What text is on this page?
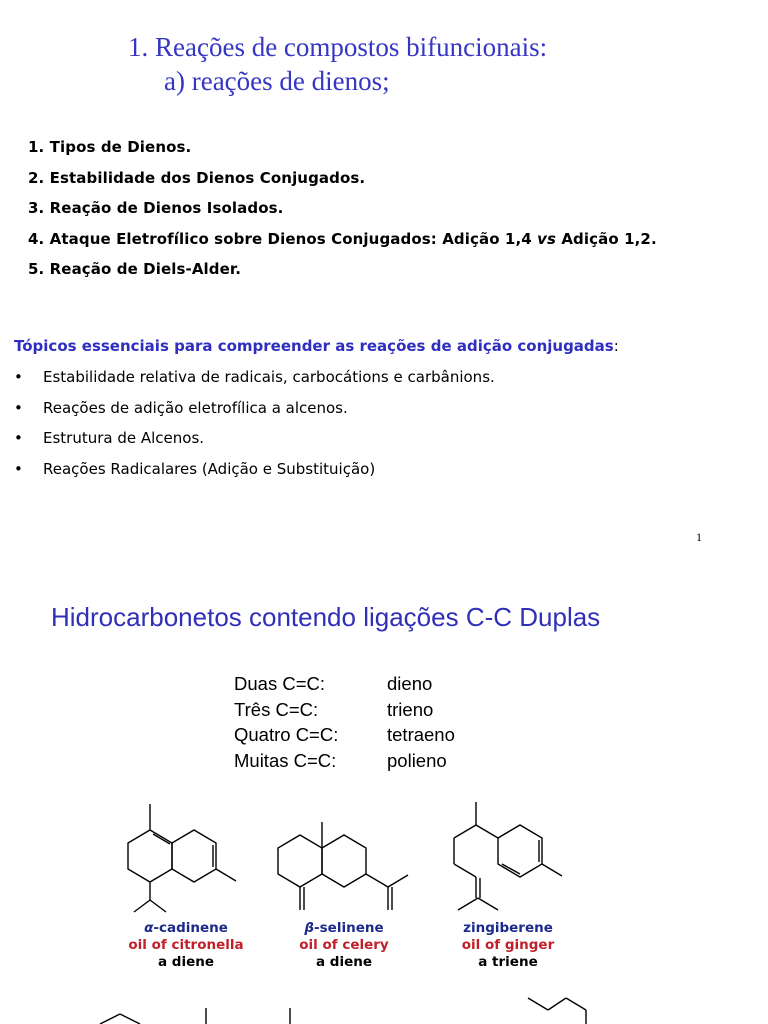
1. Reações de compostos bifuncionais:
a) reações de dienos;
1. Tipos de Dienos.
2. Estabilidade dos Dienos Conjugados.
3. Reação de Dienos Isolados.
4. Ataque Eletrofílico sobre Dienos Conjugados: Adição 1,4 vs Adição 1,2.
5. Reação de Diels-Alder.
Tópicos essenciais para compreender as reações de adição conjugadas:
• Estabilidade relativa de radicais, carbocátions e carbânions.
• Reações de adição eletrofílica a alcenos.
• Estrutura de Alcenos.
• Reações Radicalares (Adição e Substituição)
1
Hidrocarbonetos contendo ligações C-C Duplas
Duas C=C:	dieno
Três C=C:	trieno
Quatro C=C:	tetraeno
Muitas C=C:	polieno
α-cadinene
oil of citronella
a diene
β-selinene
oil of celery
a diene
zingiberene
oil of ginger
a triene
